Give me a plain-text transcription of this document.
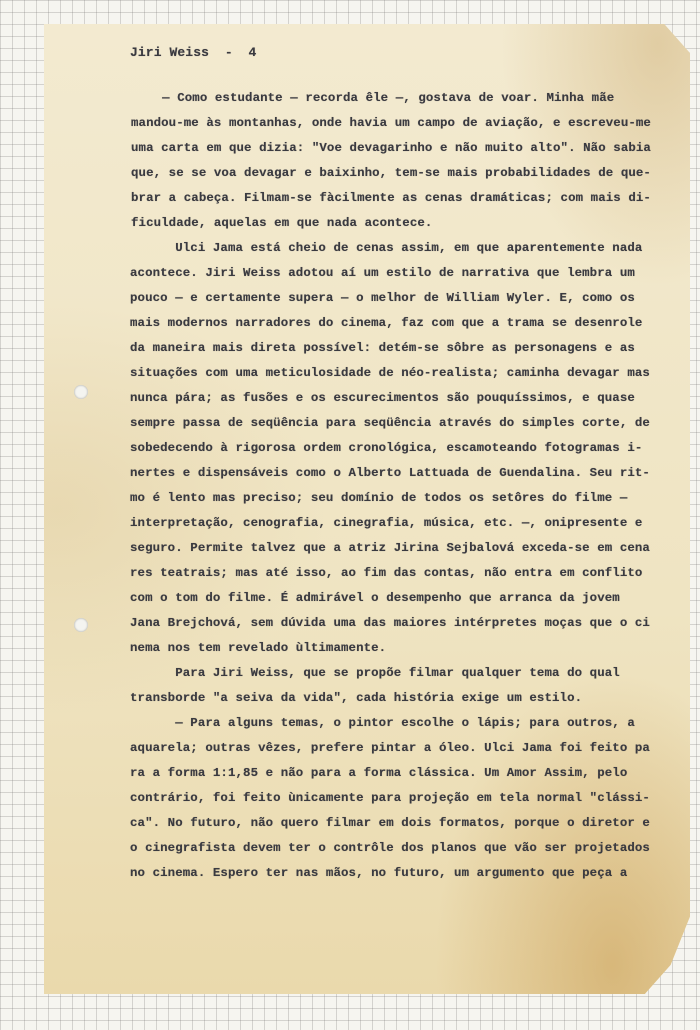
Jiri Weiss  -  4
— Como estudante — recorda êle —, gostava de voar. Minha mãe
mandou-me às montanhas, onde havia um campo de aviação, e escreveu-me
uma carta em que dizia: "Voe devagarinho e não muito alto". Não sabia
que, se se voa devagar e baixinho, tem-se mais probabilidades de que-
brar a cabeça. Filmam-se fàcilmente as cenas dramáticas; com mais di-
ficuldade, aquelas em que nada acontece.
Ulci Jama está cheio de cenas assim, em que aparentemente nada
acontece. Jiri Weiss adotou aí um estilo de narrativa que lembra um
pouco — e certamente supera — o melhor de William Wyler. E, como os
mais modernos narradores do cinema, faz com que a trama se desenrole
da maneira mais direta possível: detém-se sôbre as personagens e as
situações com uma meticulosidade de néo-realista; caminha devagar mas
nunca pára; as fusões e os escurecimentos são pouquíssimos, e quase
sempre passa de seqüência para seqüência através do simples corte, de
sobedecendo à rigorosa ordem cronológica, escamoteando fotogramas i-
nertes e dispensáveis como o Alberto Lattuada de Guendalina. Seu rit-
mo é lento mas preciso; seu domínio de todos os setôres do filme —
interpretação, cenografia, cinegrafia, música, etc. —, onipresente e
seguro. Permite talvez que a atriz Jirina Sejbalová exceda-se em cena
res teatrais; mas até isso, ao fim das contas, não entra em conflito
com o tom do filme. É admirável o desempenho que arranca da jovem
Jana Brejchová, sem dúvida uma das maiores intérpretes moças que o ci
nema nos tem revelado ùltimamente.
Para Jiri Weiss, que se propõe filmar qualquer tema do qual
transborde "a seiva da vida", cada história exige um estilo.
— Para alguns temas, o pintor escolhe o lápis; para outros, a
aquarela; outras vêzes, prefere pintar a óleo. Ulci Jama foi feito pa
ra a forma 1:1,85 e não para a forma clássica. Um Amor Assim, pelo
contrário, foi feito ùnicamente para projeção em tela normal "clássi-
ca". No futuro, não quero filmar em dois formatos, porque o diretor e
o cinegrafista devem ter o contrôle dos planos que vão ser projetados
no cinema. Espero ter nas mãos, no futuro, um argumento que peça a
